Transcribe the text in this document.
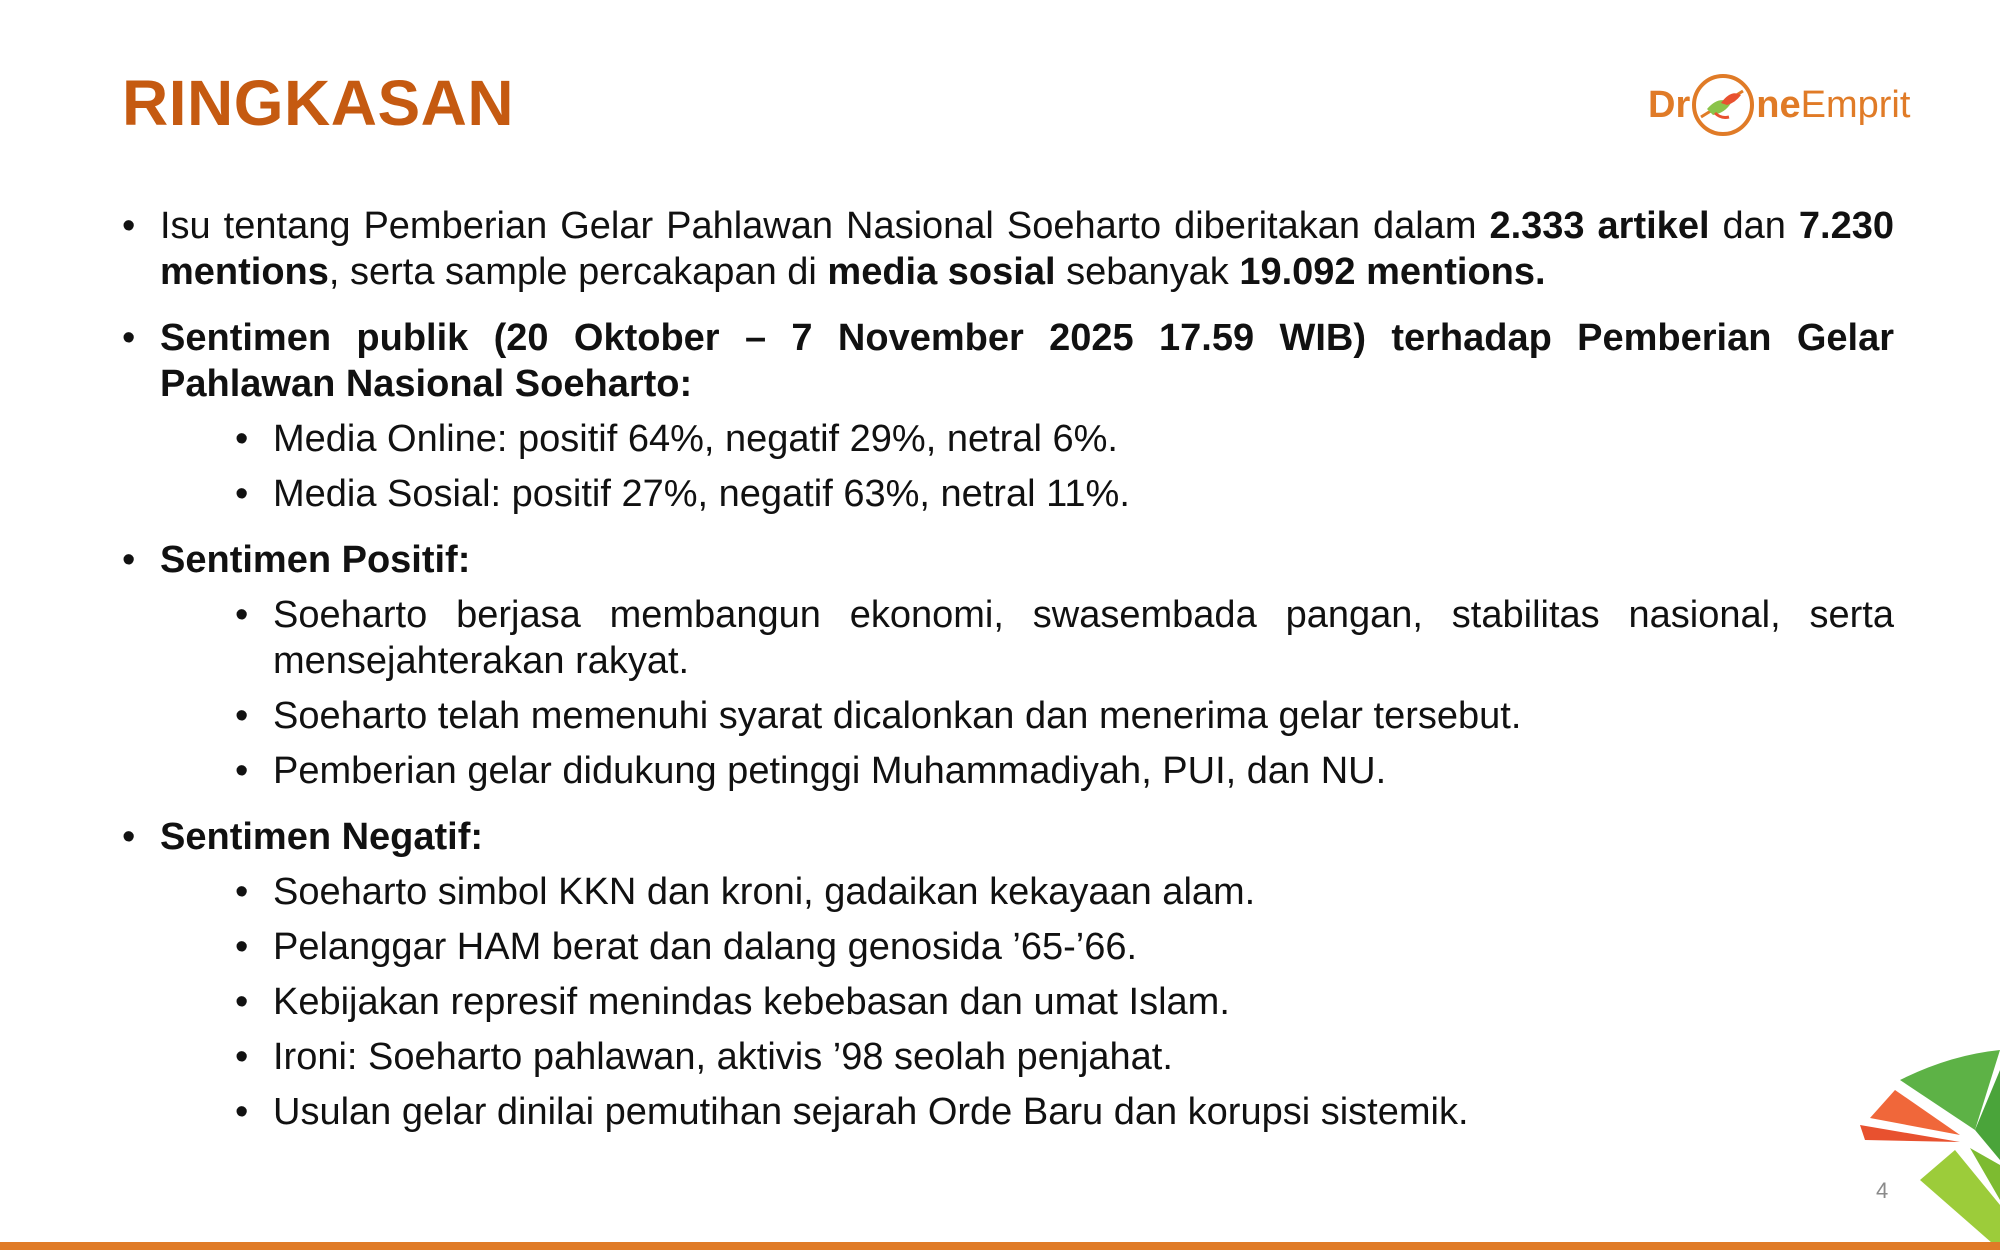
RINGKASAN	Dr ne Emprit
• Isu tentang Pemberian Gelar Pahlawan Nasional Soeharto diberitakan dalam 2.333 artikel dan 7.230 mentions, serta sample percakapan di media sosial sebanyak 19.092 mentions.
• Sentimen publik (20 Oktober – 7 November 2025 17.59 WIB) terhadap Pemberian Gelar Pahlawan Nasional Soeharto:
• Media Online: positif 64%, negatif 29%, netral 6%.
• Media Sosial: positif 27%, negatif 63%, netral 11%.
• Sentimen Positif:
• Soeharto berjasa membangun ekonomi, swasembada pangan, stabilitas nasional, serta mensejahterakan rakyat.
• Soeharto telah memenuhi syarat dicalonkan dan menerima gelar tersebut.
• Pemberian gelar didukung petinggi Muhammadiyah, PUI, dan NU.
• Sentimen Negatif:
• Soeharto simbol KKN dan kroni, gadaikan kekayaan alam.
• Pelanggar HAM berat dan dalang genosida ’65-’66.
• Kebijakan represif menindas kebebasan dan umat Islam.
• Ironi: Soeharto pahlawan, aktivis ’98 seolah penjahat.
• Usulan gelar dinilai pemutihan sejarah Orde Baru dan korupsi sistemik.
4
